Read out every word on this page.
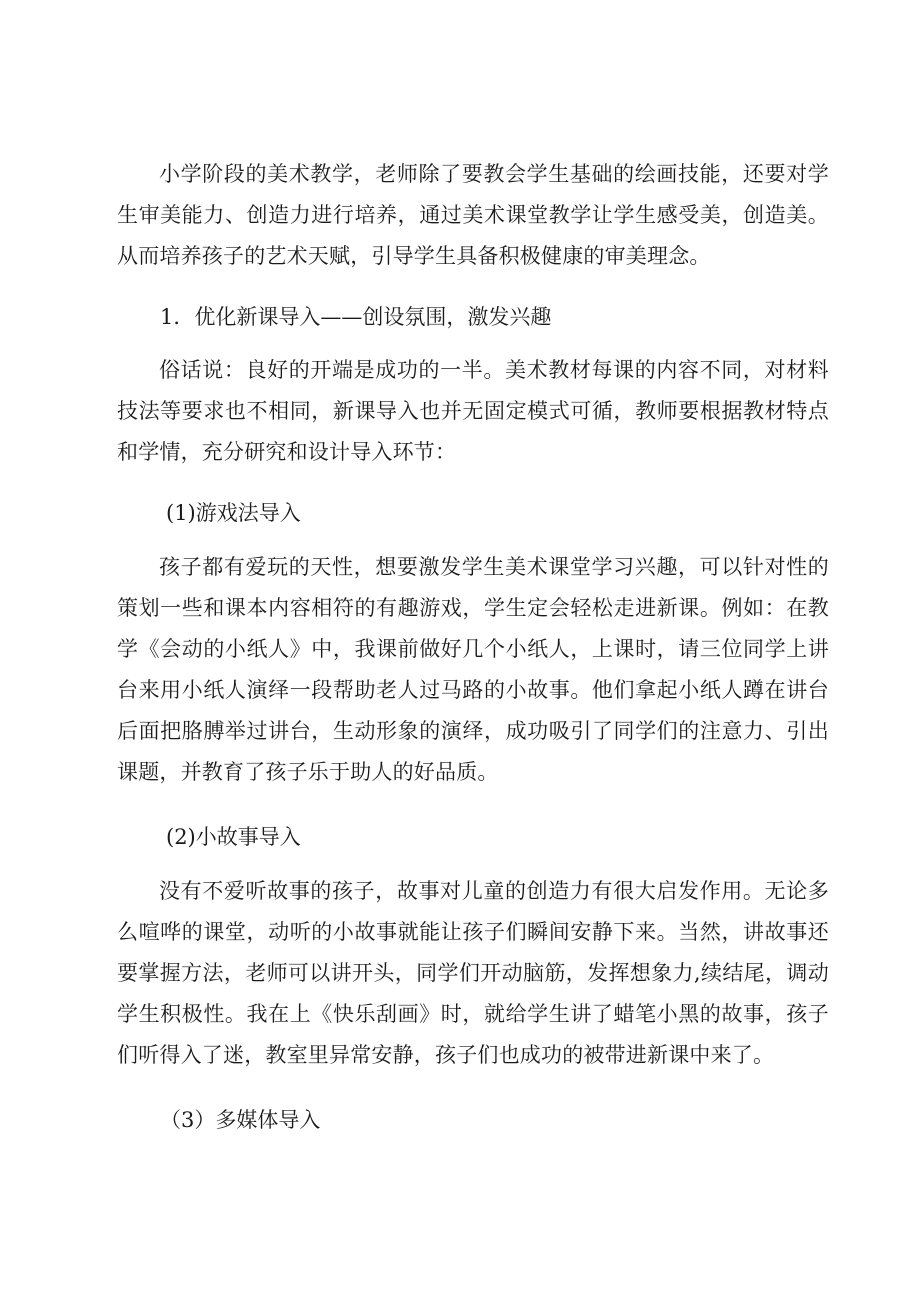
小学阶段的美术教学，老师除了要教会学生基础的绘画技能，还要对学生审美能力、创造力进行培养，通过美术课堂教学让学生感受美，创造美。从而培养孩子的艺术天赋，引导学生具备积极健康的审美理念。

1．优化新课导入——创设氛围，激发兴趣

俗话说：良好的开端是成功的一半。美术教材每课的内容不同，对材料技法等要求也不相同，新课导入也并无固定模式可循，教师要根据教材特点和学情，充分研究和设计导入环节：

(1)游戏法导入

孩子都有爱玩的天性，想要激发学生美术课堂学习兴趣，可以针对性的策划一些和课本内容相符的有趣游戏，学生定会轻松走进新课。例如：在教学《会动的小纸人》中，我课前做好几个小纸人，上课时，请三位同学上讲台来用小纸人演绎一段帮助老人过马路的小故事。他们拿起小纸人蹲在讲台后面把胳膊举过讲台，生动形象的演绎，成功吸引了同学们的注意力、引出课题，并教育了孩子乐于助人的好品质。

(2)小故事导入

没有不爱听故事的孩子，故事对儿童的创造力有很大启发作用。无论多么喧哗的课堂，动听的小故事就能让孩子们瞬间安静下来。当然，讲故事还要掌握方法，老师可以讲开头，同学们开动脑筋，发挥想象力,续结尾，调动学生积极性。我在上《快乐刮画》时，就给学生讲了蜡笔小黑的故事，孩子们听得入了迷，教室里异常安静，孩子们也成功的被带进新课中来了。

（3）多媒体导入
